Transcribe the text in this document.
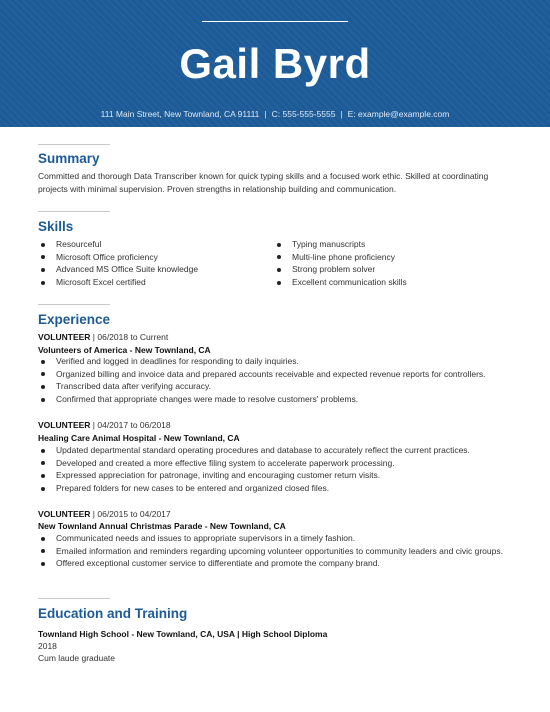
Gail Byrd
111 Main Street, New Townland, CA 91111 | C: 555-555-5555 | E: example@example.com
Summary
Committed and thorough Data Transcriber known for quick typing skills and a focused work ethic. Skilled at coordinating projects with minimal supervision. Proven strengths in relationship building and communication.
Skills
Resourceful
Microsoft Office proficiency
Advanced MS Office Suite knowledge
Microsoft Excel certified
Typing manuscripts
Multi-line phone proficiency
Strong problem solver
Excellent communication skills
Experience
VOLUNTEER | 06/2018 to Current
Volunteers of America - New Townland, CA
Verified and logged in deadlines for responding to daily inquiries.
Organized billing and invoice data and prepared accounts receivable and expected revenue reports for controllers.
Transcribed data after verifying accuracy.
Confirmed that appropriate changes were made to resolve customers' problems.
VOLUNTEER | 04/2017 to 06/2018
Healing Care Animal Hospital - New Townland, CA
Updated departmental standard operating procedures and database to accurately reflect the current practices.
Developed and created a more effective filing system to accelerate paperwork processing.
Expressed appreciation for patronage, inviting and encouraging customer return visits.
Prepared folders for new cases to be entered and organized closed files.
VOLUNTEER | 06/2015 to 04/2017
New Townland Annual Christmas Parade - New Townland, CA
Communicated needs and issues to appropriate supervisors in a timely fashion.
Emailed information and reminders regarding upcoming volunteer opportunities to community leaders and civic groups.
Offered exceptional customer service to differentiate and promote the company brand.
Education and Training
Townland High School - New Townland, CA, USA | High School Diploma
2018
Cum laude graduate
